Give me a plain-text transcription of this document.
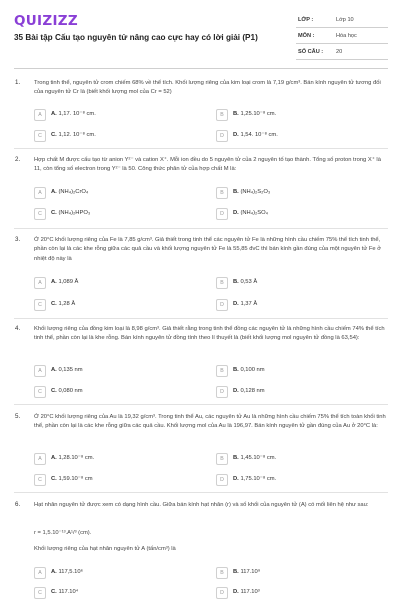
QUIZIZZ
35 Bài tập Cấu tạo nguyên tử nâng cao cực hay có lời giải (P1)
LỚP :	Lớp 10
MÔN :	Hóa học
SỐ CÂU : 20
1. Trong tinh thể, nguyên tử crom chiếm 68% về thể tích. Khối lượng riêng của kim loại crom là 7,19 g/cm³. Bán kính nguyên tử tương đối của nguyên tử Cr là (biết khối lượng mol của Cr = 52)
A	A. 1,17. 10⁻⁸ cm.	B	B. 1,25.10⁻⁸ cm.
C	C. 1,12. 10⁻⁸ cm.	D	D. 1,54. 10⁻⁸ cm.
2. Hợp chất M được cấu tạo từ anion Y²⁻ và cation X⁺. Mỗi ion đều do 5 nguyên tử của 2 nguyên tố tạo thành. Tổng số proton trong X⁺ là 11, còn tổng số electron trong Y²⁻ là 50. Công thức phân tử của hợp chất M là:
A	A. (NH₄)₂CrO₄	B	B. (NH₄)₂S₂O₃
C	C. (NH₄)₂HPO₃	D	D. (NH₄)₂SO₄
3. Ở 20°C khối lượng riêng của Fe là 7,85 g/cm³. Giả thiết trong tinh thể các nguyên tử Fe là những hình cầu chiếm 75% thể tích tinh thể, phần còn lại là các khe rỗng giữa các quả cầu và khối lượng nguyên tử Fe là 55,85 đvC thì bán kính gần đúng của một nguyên tử Fe ở nhiệt độ này là
A	A. 1,089 Å	B	B. 0,53 Å
C	C. 1,28 Å	D	D. 1,37 Å
4. Khối lượng riêng của đồng kim loại là 8,98 g/cm³. Giả thiết rằng trong tinh thể đồng các nguyên tử là những hình cầu chiếm 74% thể tích tinh thể, phần còn lại là khe rỗng. Bán kính nguyên tử đồng tính theo lí thuyết là (biết khối lượng mol nguyên tử đồng là 63,54):
A	A. 0,135 nm	B	B. 0,100 nm
C	C. 0,080 nm	D	D. 0,128 nm
5. Ở 20°C khối lượng riêng của Au là 19,32 g/cm³. Trong tinh thể Au, các nguyên tử Au là những hình cầu chiếm 75% thể tích toàn khối tinh thể, phần còn lại là các khe rỗng giữa các quả cầu. Khối lượng mol của Au là 196,97. Bán kính nguyên tử gần đúng của Au ở 20°C là:
A	A. 1,28.10⁻⁸ cm.	B	B. 1,45.10⁻⁸ cm.
C	C. 1,59.10⁻⁸ cm	D	D. 1,75.10⁻⁸ cm.
6. Hạt nhân nguyên tử được xem có dạng hình cầu. Giữa bán kính hạt nhân (r) và số khối của nguyên tử (A) có mối liên hệ như sau:
r = 1,5.10⁻¹³.A¹/³ (cm).
Khối lượng riêng của hạt nhân nguyên tử A (tấn/cm³) là
A	A. 117,5.10⁶	B	B. 117.10⁹
C	C. 117.10⁴	D	D. 117.10³
